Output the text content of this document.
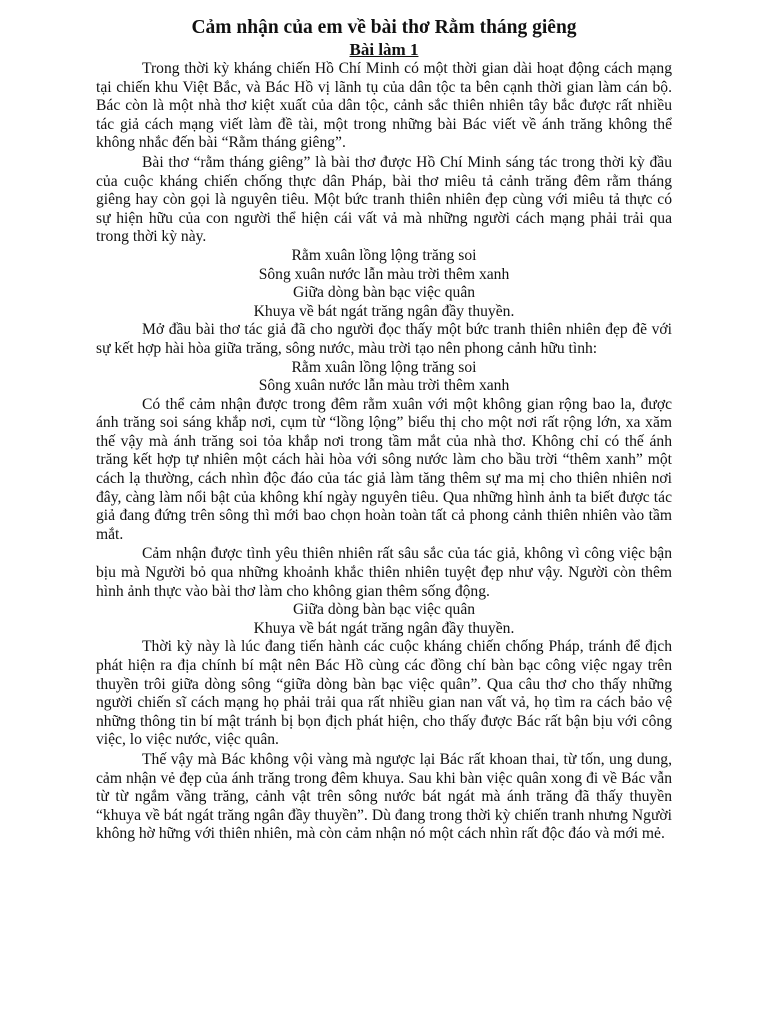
Cảm nhận của em về bài thơ Rằm tháng giêng
Bài làm 1

Trong thời kỳ kháng chiến Hồ Chí Minh có một thời gian dài hoạt động cách mạng tại chiến khu Việt Bắc, và Bác Hồ vị lãnh tụ của dân tộc ta bên cạnh thời gian làm cán bộ. Bác còn là một nhà thơ kiệt xuất của dân tộc, cảnh sắc thiên nhiên tây bắc được rất nhiều tác giả cách mạng viết làm đề tài, một trong những bài Bác viết về ánh trăng không thể không nhắc đến bài “Rằm tháng giêng”.

Bài thơ “rằm tháng giêng” là bài thơ được Hồ Chí Minh sáng tác trong thời kỳ đầu của cuộc kháng chiến chống thực dân Pháp, bài thơ miêu tả cảnh trăng đêm rằm tháng giêng hay còn gọi là nguyên tiêu. Một bức tranh thiên nhiên đẹp cùng với miêu tả thực có sự hiện hữu của con người thể hiện cái vất vả mà những người cách mạng phải trải qua trong thời kỳ này.

Rằm xuân lồng lộng trăng soi

Sông xuân nước lẫn màu trời thêm xanh

Giữa dòng bàn bạc việc quân

Khuya về bát ngát trăng ngân đầy thuyền.

Mở đầu bài thơ tác giả đã cho người đọc thấy một bức tranh thiên nhiên đẹp đẽ với sự kết hợp hài hòa giữa trăng, sông nước, màu trời tạo nên phong cảnh hữu tình:

Rằm xuân lồng lộng trăng soi

Sông xuân nước lẫn màu trời thêm xanh

Có thể cảm nhận được trong đêm rằm xuân với một không gian rộng bao la, được ánh trăng soi sáng khắp nơi, cụm từ “lồng lộng” biểu thị cho một nơi rất rộng lớn, xa xăm thế vậy mà ánh trăng soi tỏa khắp nơi trong tầm mắt của nhà thơ. Không chỉ có thế ánh trăng kết hợp tự nhiên một cách hài hòa với sông nước làm cho bầu trời “thêm xanh” một cách lạ thường, cách nhìn độc đáo của tác giả làm tăng thêm sự ma mị cho thiên nhiên nơi đây, càng làm nổi bật của không khí ngày nguyên tiêu. Qua những hình ảnh ta biết được tác giả đang đứng trên sông thì mới bao chọn hoàn toàn tất cả phong cảnh thiên nhiên vào tầm mắt.

Cảm nhận được tình yêu thiên nhiên rất sâu sắc của tác giả, không vì công việc bận bịu mà Người bỏ qua những khoảnh khắc thiên nhiên tuyệt đẹp như vậy. Người còn thêm hình ảnh thực vào bài thơ làm cho không gian thêm sống động.

Giữa dòng bàn bạc việc quân

Khuya về bát ngát trăng ngân đầy thuyền.

Thời kỳ này là lúc đang tiến hành các cuộc kháng chiến chống Pháp, tránh để địch phát hiện ra địa chính bí mật nên Bác Hồ cùng các đồng chí bàn bạc công việc ngay trên thuyền trôi giữa dòng sông “giữa dòng bàn bạc việc quân”. Qua câu thơ cho thấy những người chiến sĩ cách mạng họ phải trải qua rất nhiều gian nan vất vả, họ tìm ra cách bảo vệ những thông tin bí mật tránh bị bọn địch phát hiện, cho thấy được Bác rất bận bịu với công việc, lo việc nước, việc quân.

Thế vậy mà Bác không vội vàng mà ngược lại Bác rất khoan thai, từ tốn, ung dung, cảm nhận vẻ đẹp của ánh trăng trong đêm khuya. Sau khi bàn việc quân xong đi về Bác vẫn từ từ ngắm vầng trăng, cảnh vật trên sông nước bát ngát mà ánh trăng đã thấy thuyền “khuya về bát ngát trăng ngân đầy thuyền”. Dù đang trong thời kỳ chiến tranh nhưng Người không hờ hững với thiên nhiên, mà còn cảm nhận nó một cách nhìn rất độc đáo và mới mẻ.
